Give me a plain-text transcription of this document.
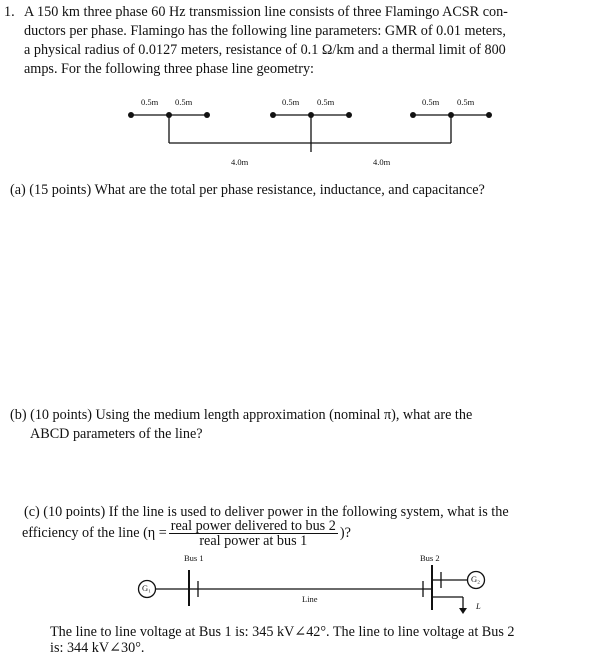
1. A 150 km three phase 60 Hz transmission line consists of three Flamingo ACSR con-
ductors per phase. Flamingo has the following line parameters: GMR of 0.01 meters,
a physical radius of 0.0127 meters, resistance of 0.1 Ω/km and a thermal limit of 800
amps. For the following three phase line geometry:
0.5m 0.5m	0.5m 0.5m	0.5m 0.5m
4.0m	4.0m
(a) (15 points) What are the total per phase resistance, inductance, and capacitance?
(b) (10 points) Using the medium length approximation (nominal π), what are the
ABCD parameters of the line?
(c) (10 points) If the line is used to deliver power in the following system, what is the
efficiency of the line ($\eta = \frac{\text{real power delivered to bus 2}}{\text{real power at bus 1}}$ )?
G₁
G₂
Bus 1	Bus 2
Line
L
The line to line voltage at Bus 1 is: 345 kV∠42°. The line to line voltage at Bus 2
is: 344 kV∠30°.
